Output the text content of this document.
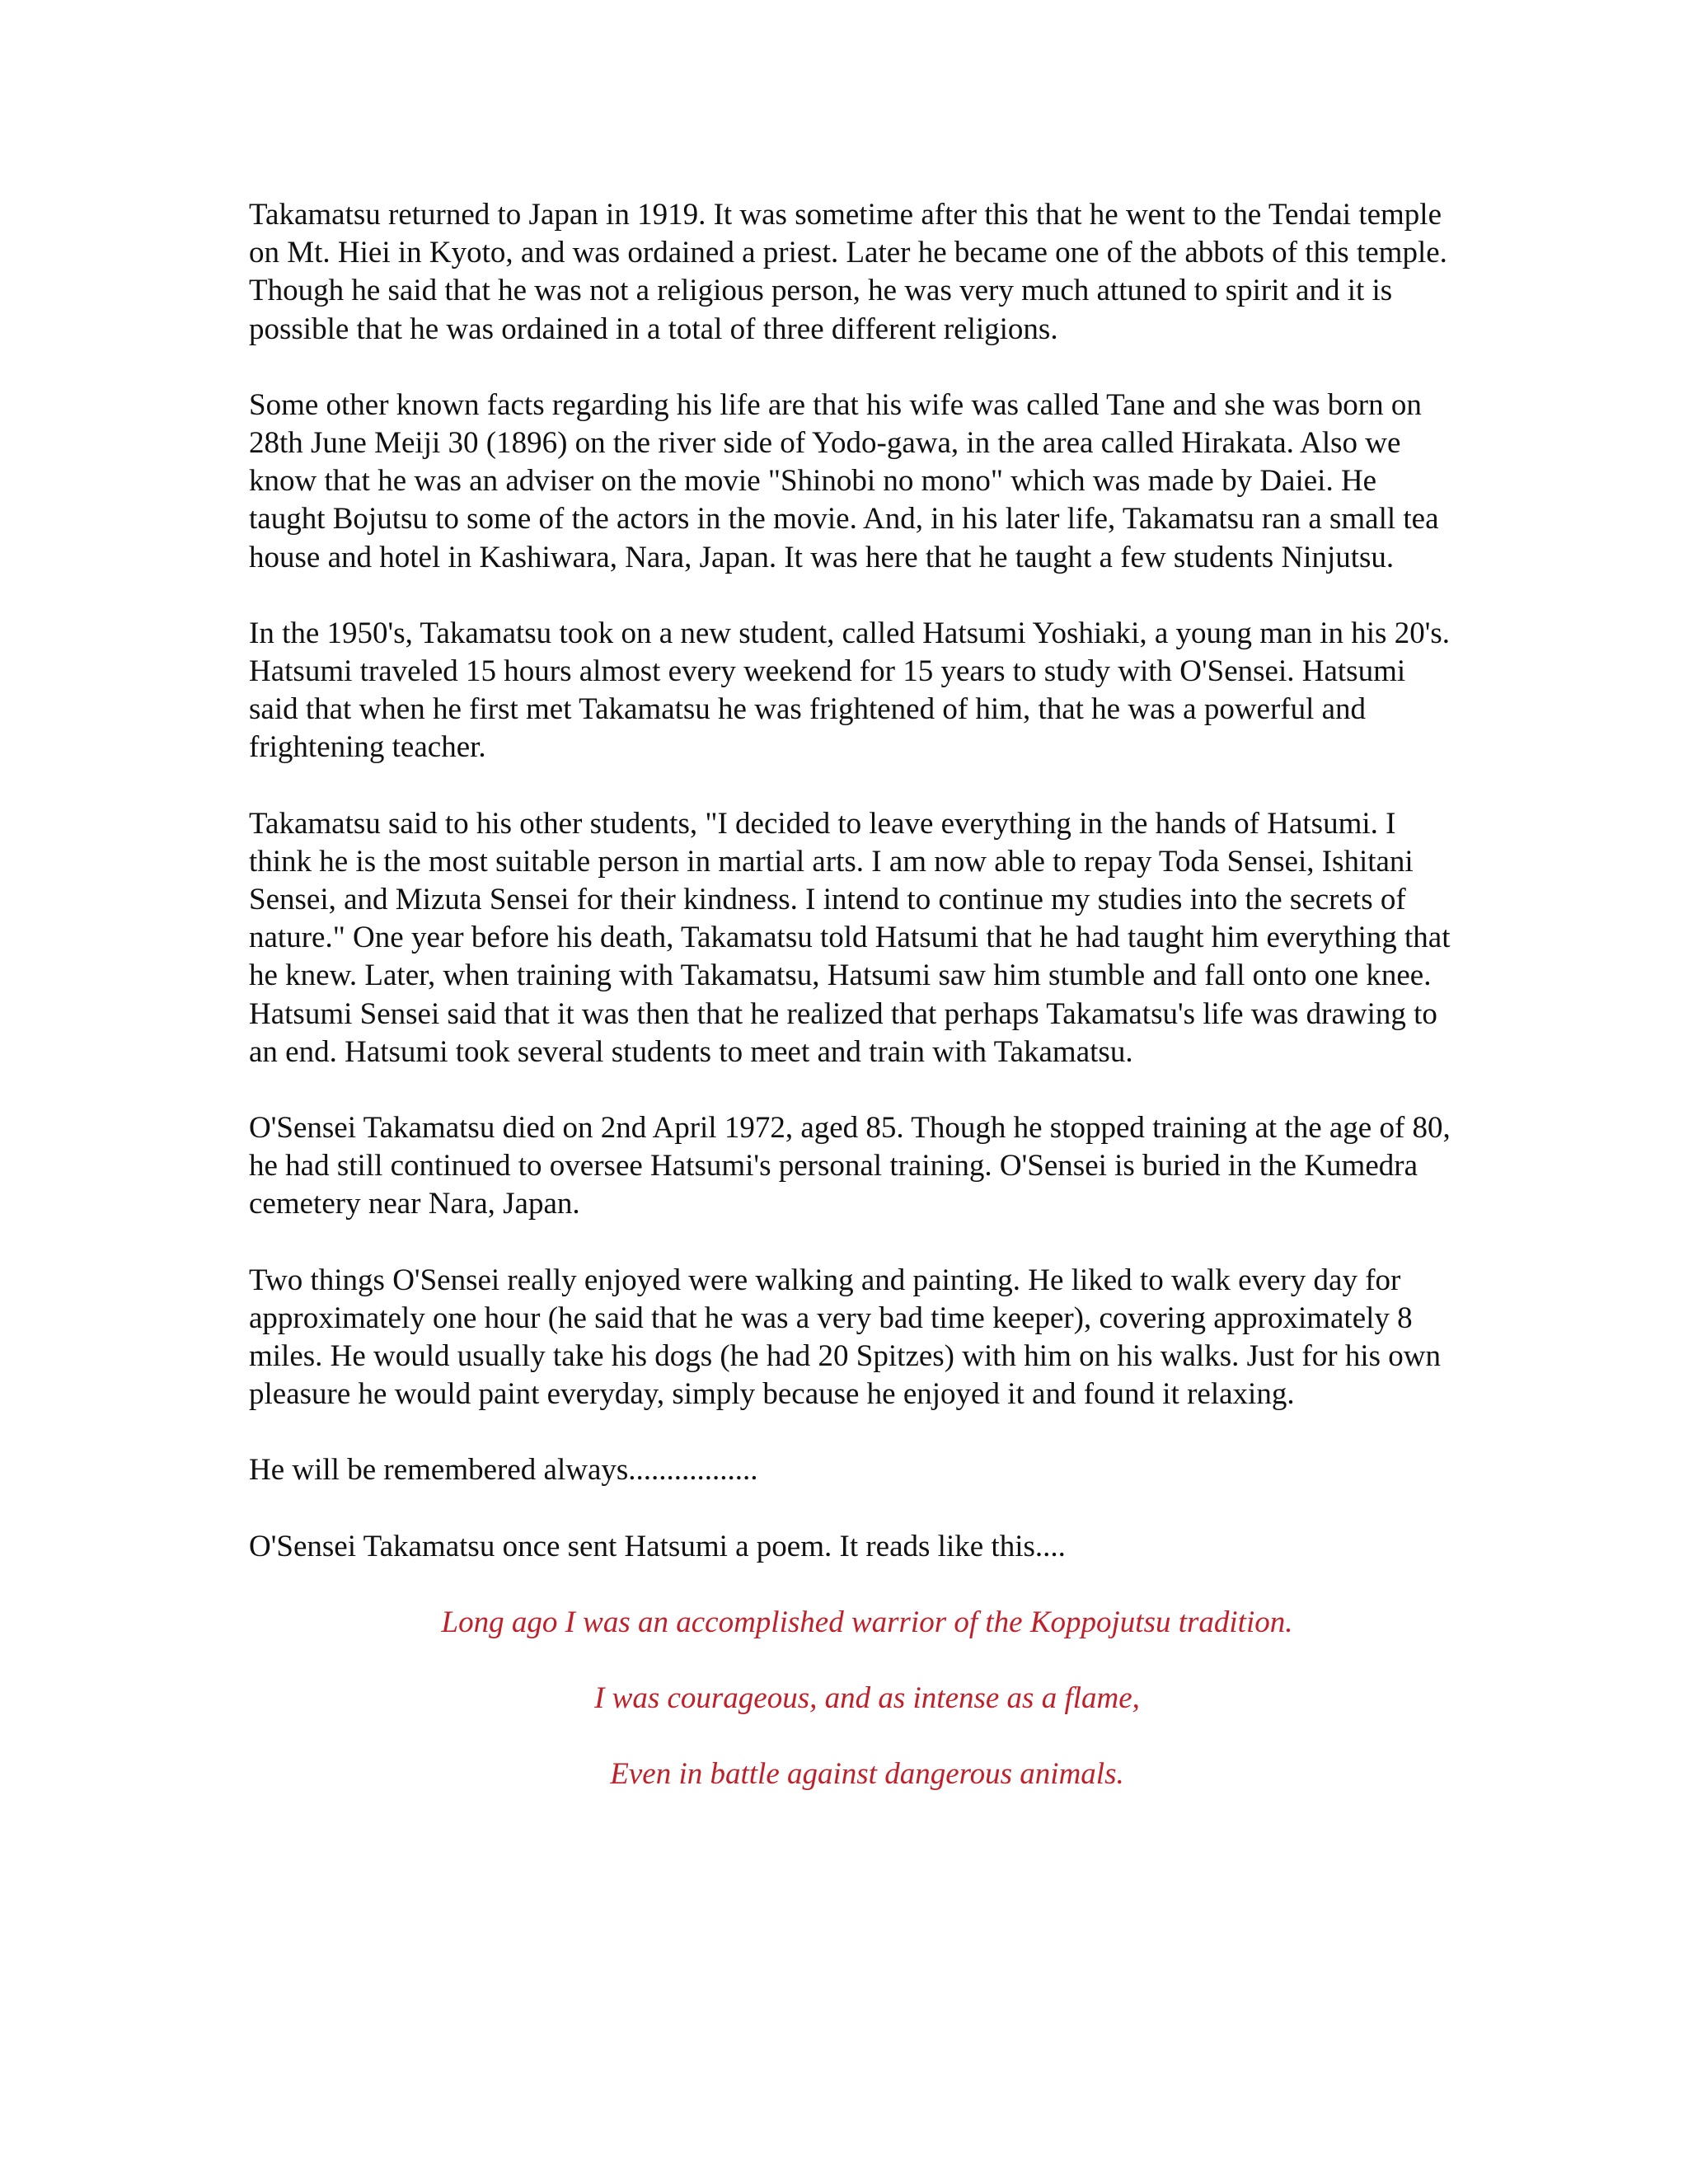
Takamatsu returned to Japan in 1919. It was sometime after this that he went to the Tendai temple on Mt. Hiei in Kyoto, and was ordained a priest. Later he became one of the abbots of this temple. Though he said that he was not a religious person, he was very much attuned to spirit and it is possible that he was ordained in a total of three different religions.

Some other known facts regarding his life are that his wife was called Tane and she was born on 28th June Meiji 30 (1896) on the river side of Yodo-gawa, in the area called Hirakata. Also we know that he was an adviser on the movie "Shinobi no mono" which was made by Daiei. He taught Bojutsu to some of the actors in the movie. And, in his later life, Takamatsu ran a small tea house and hotel in Kashiwara, Nara, Japan. It was here that he taught a few students Ninjutsu.

In the 1950's, Takamatsu took on a new student, called Hatsumi Yoshiaki, a young man in his 20's. Hatsumi traveled 15 hours almost every weekend for 15 years to study with O'Sensei. Hatsumi said that when he first met Takamatsu he was frightened of him, that he was a powerful and frightening teacher.

Takamatsu said to his other students, "I decided to leave everything in the hands of Hatsumi. I think he is the most suitable person in martial arts. I am now able to repay Toda Sensei, Ishitani Sensei, and Mizuta Sensei for their kindness. I intend to continue my studies into the secrets of nature." One year before his death, Takamatsu told Hatsumi that he had taught him everything that he knew. Later, when training with Takamatsu, Hatsumi saw him stumble and fall onto one knee. Hatsumi Sensei said that it was then that he realized that perhaps Takamatsu's life was drawing to an end. Hatsumi took several students to meet and train with Takamatsu.

O'Sensei Takamatsu died on 2nd April 1972, aged 85. Though he stopped training at the age of 80, he had still continued to oversee Hatsumi's personal training. O'Sensei is buried in the Kumedra cemetery near Nara, Japan.

Two things O'Sensei really enjoyed were walking and painting. He liked to walk every day for approximately one hour (he said that he was a very bad time keeper), covering approximately 8 miles. He would usually take his dogs (he had 20 Spitzes) with him on his walks. Just for his own pleasure he would paint everyday, simply because he enjoyed it and found it relaxing.

He will be remembered always.................

O'Sensei Takamatsu once sent Hatsumi a poem. It reads like this....

Long ago I was an accomplished warrior of the Koppojutsu tradition.

I was courageous, and as intense as a flame,

Even in battle against dangerous animals.
